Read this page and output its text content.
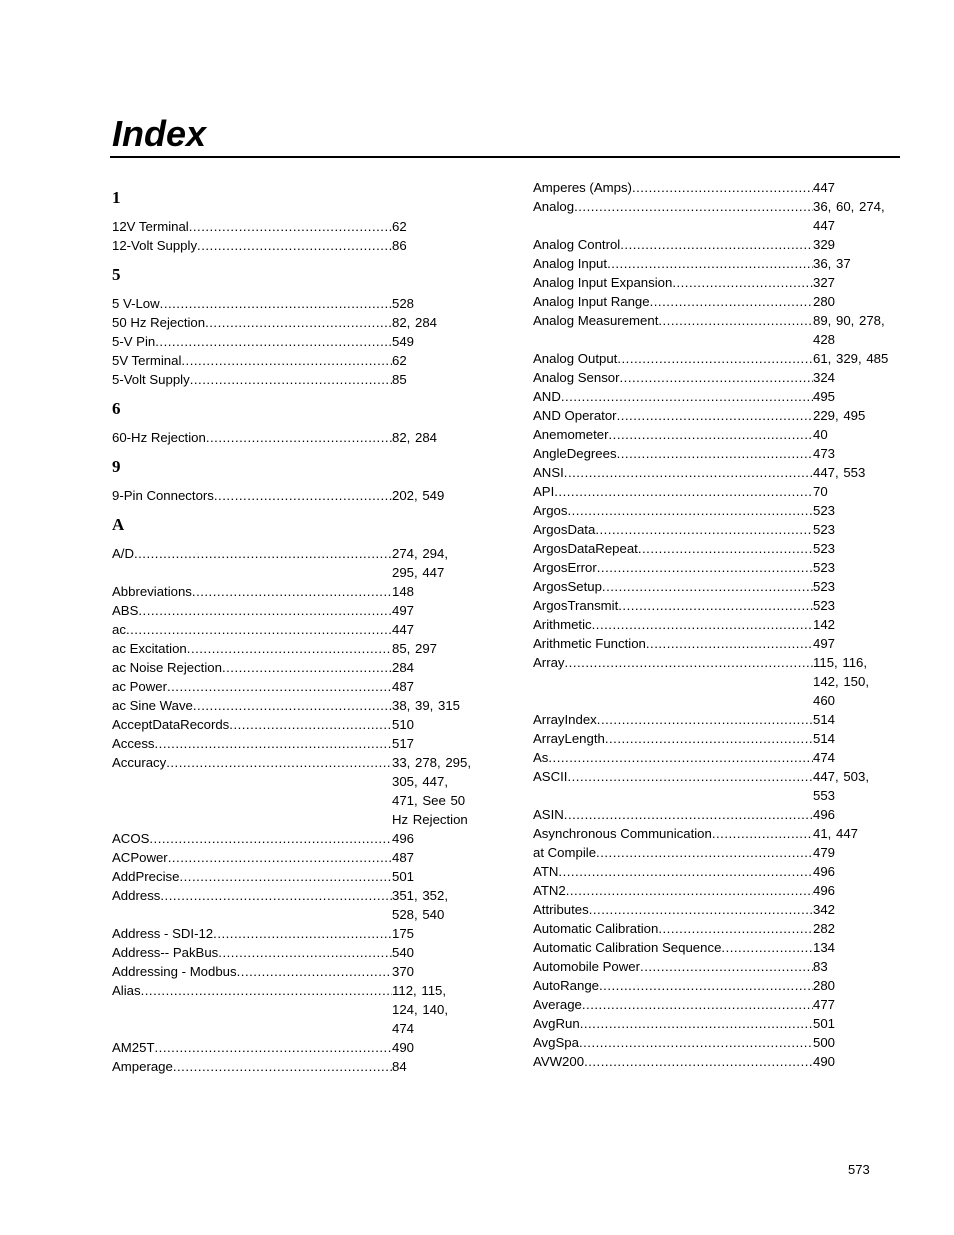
Index
1
12V Terminal .....	62
12-Volt Supply .....	86
5
5 V-Low .....	528
50 Hz Rejection .....	82, 284
5-V Pin .....	549
5V Terminal .....	62
5-Volt Supply .....	85
6
60-Hz Rejection .....	82, 284
9
9-Pin Connectors .....	202, 549
A
A/D .....	274, 294, 295, 447
Abbreviations .....	148
ABS .....	497
ac .....	447
ac Excitation .....	85, 297
ac Noise Rejection .....	284
ac Power .....	487
ac Sine Wave .....	38, 39, 315
AcceptDataRecords .....	510
Access .....	517
Accuracy .....	33, 278, 295, 305, 447, 471, See 50 Hz Rejection
ACOS .....	496
ACPower .....	487
AddPrecise .....	501
Address .....	351, 352, 528, 540
Address - SDI-12 .....	175
Address-- PakBus .....	540
Addressing - Modbus .....	370
Alias .....	112, 115, 124, 140, 474
AM25T .....	490
Amperage .....	84
Amperes (Amps) .....	447
Analog .....	36, 60, 274, 447
Analog Control .....	329
Analog Input .....	36, 37
Analog Input Expansion .....	327
Analog Input Range .....	280
Analog Measurement .....	89, 90, 278, 428
Analog Output .....	61, 329, 485
Analog Sensor .....	324
AND .....	495
AND Operator .....	229, 495
Anemometer .....	40
AngleDegrees .....	473
ANSI .....	447, 553
API .....	70
Argos .....	523
ArgosData .....	523
ArgosDataRepeat .....	523
ArgosError .....	523
ArgosSetup .....	523
ArgosTransmit .....	523
Arithmetic .....	142
Arithmetic Function .....	497
Array .....	115, 116, 142, 150, 460
ArrayIndex .....	514
ArrayLength .....	514
As .....	474
ASCII .....	447, 503, 553
ASIN .....	496
Asynchronous Communication .....	41, 447
at Compile .....	479
ATN .....	496
ATN2 .....	496
Attributes .....	342
Automatic Calibration .....	282
Automatic Calibration Sequence .....	134
Automobile Power .....	83
AutoRange .....	280
Average .....	477
AvgRun .....	501
AvgSpa .....	500
AVW200 .....	490
573
